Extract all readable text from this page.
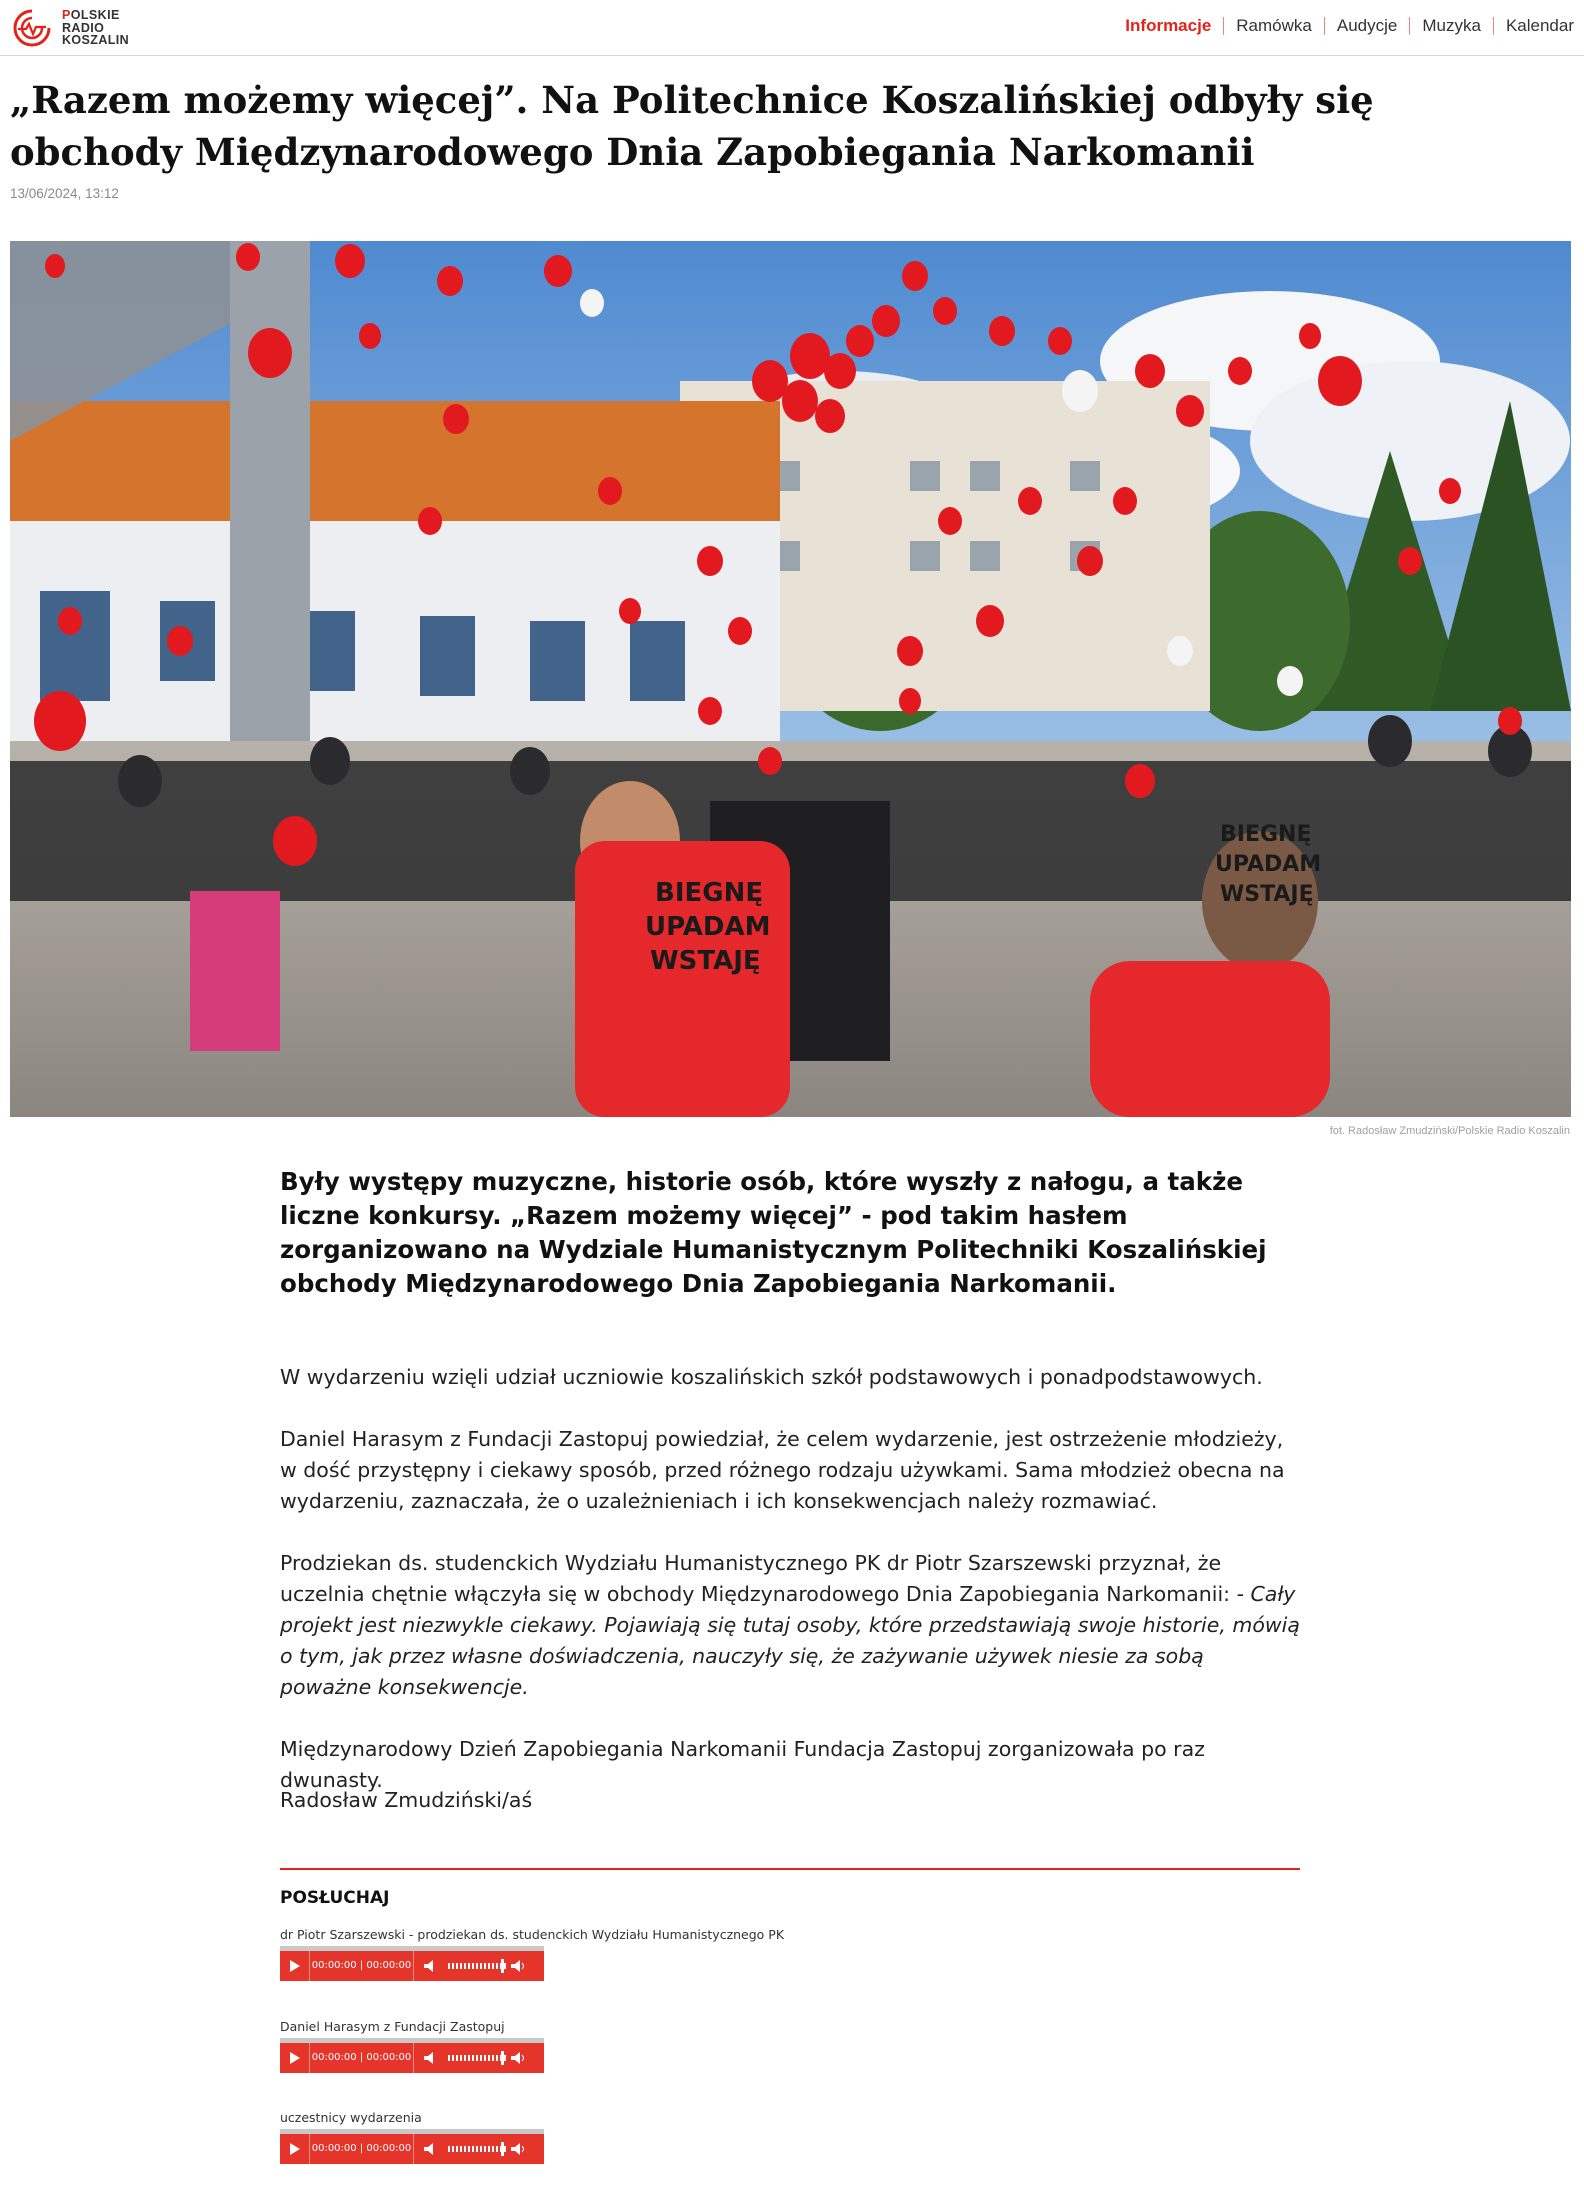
POLSKIE
RADIO
KOSZALIN
Informacje	Ramówka	Audycje	Muzyka	Kalendar
„Razem możemy więcej”. Na Politechnice Koszalińskiej odbyły się obchody Międzynarodowego Dnia Zapobiegania Narkomanii
13/06/2024, 13:12
BIEGNĘ
UPADAM
WSTAJĘ
BIEGNĘ
UPADAM
WSTAJĘ
fot. Radosław Zmudziński/Polskie Radio Koszalin
Były występy muzyczne, historie osób, które wyszły z nałogu, a także liczne konkursy. „Razem możemy więcej” - pod takim hasłem zorganizowano na Wydziale Humanistycznym Politechniki Koszalińskiej obchody Międzynarodowego Dnia Zapobiegania Narkomanii.

W wydarzeniu wzięli udział uczniowie koszalińskich szkół podstawowych i ponadpodstawowych.

Daniel Harasym z Fundacji Zastopuj powiedział, że celem wydarzenie, jest ostrzeżenie młodzieży, w dość przystępny i ciekawy sposób, przed różnego rodzaju używkami. Sama młodzież obecna na wydarzeniu, zaznaczała, że o uzależnieniach i ich konsekwencjach należy rozmawiać.

Prodziekan ds. studenckich Wydziału Humanistycznego PK dr Piotr Szarszewski przyznał, że uczelnia chętnie włączyła się w obchody Międzynarodowego Dnia Zapobiegania Narkomanii: - Cały projekt jest niezwykle ciekawy. Pojawiają się tutaj osoby, które przedstawiają swoje historie, mówią o tym, jak przez własne doświadczenia, nauczyły się, że zażywanie używek niesie za sobą poważne konsekwencje.

Międzynarodowy Dzień Zapobiegania Narkomanii Fundacja Zastopuj zorganizowała po raz dwunasty.

Radosław Zmudziński/aś
POSŁUCHAJ
dr Piotr Szarszewski - prodziekan ds. studenckich Wydziału Humanistycznego PK
00:00:00 | 00:00:00
Daniel Harasym z Fundacji Zastopuj
00:00:00 | 00:00:00
uczestnicy wydarzenia
00:00:00 | 00:00:00
